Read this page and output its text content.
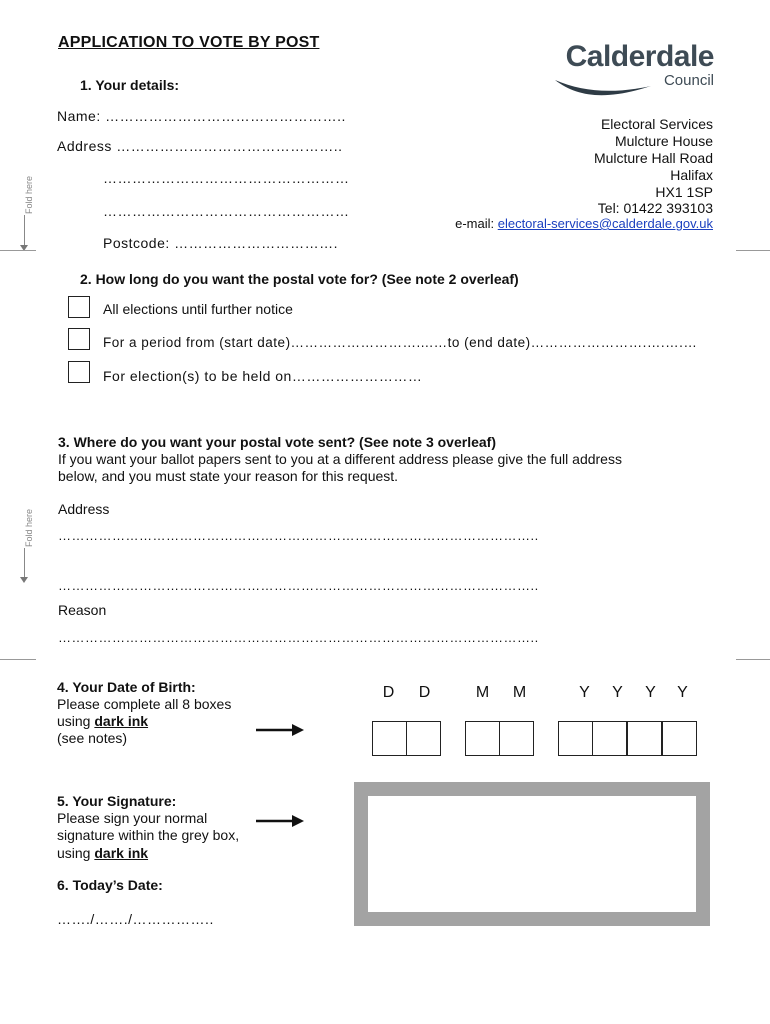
APPLICATION TO VOTE BY POST	Calderdale
Council
Electoral Services
Mulcture House
Mulcture Hall Road
Halifax
HX1 1SP
Tel: 01422 393103
e-mail: electoral-services@calderdale.gov.uk
Fold here
Fold here
1. Your details:
Name: …………………………………………..
Address ………………………………………..
……………………………………………
……………………………………………
Postcode: …………………………….
2. How long do you want the postal vote for? (See note 2 overleaf)
All elections until further notice
For a period from (start date)………………………....…to (end date)…………………….….….…
For election(s) to be held on………………………
3. Where do you want your postal vote sent? (See note 3 overleaf)
If you want your ballot papers sent to you at a different address please give the full address
below, and you must state your reason for this request.
Address
……………………………………………………………………………………………..
……………………………………………………………………………………………..
Reason
……………………………………………………………………………………………..
4. Your Date of Birth:
Please complete all 8 boxes
using dark ink
(see notes)
D	D	M	M	Y	Y	Y	Y
5. Your Signature:
Please sign your normal
signature within the grey box,
using dark ink
6. Today’s Date:
……./……./……………..
